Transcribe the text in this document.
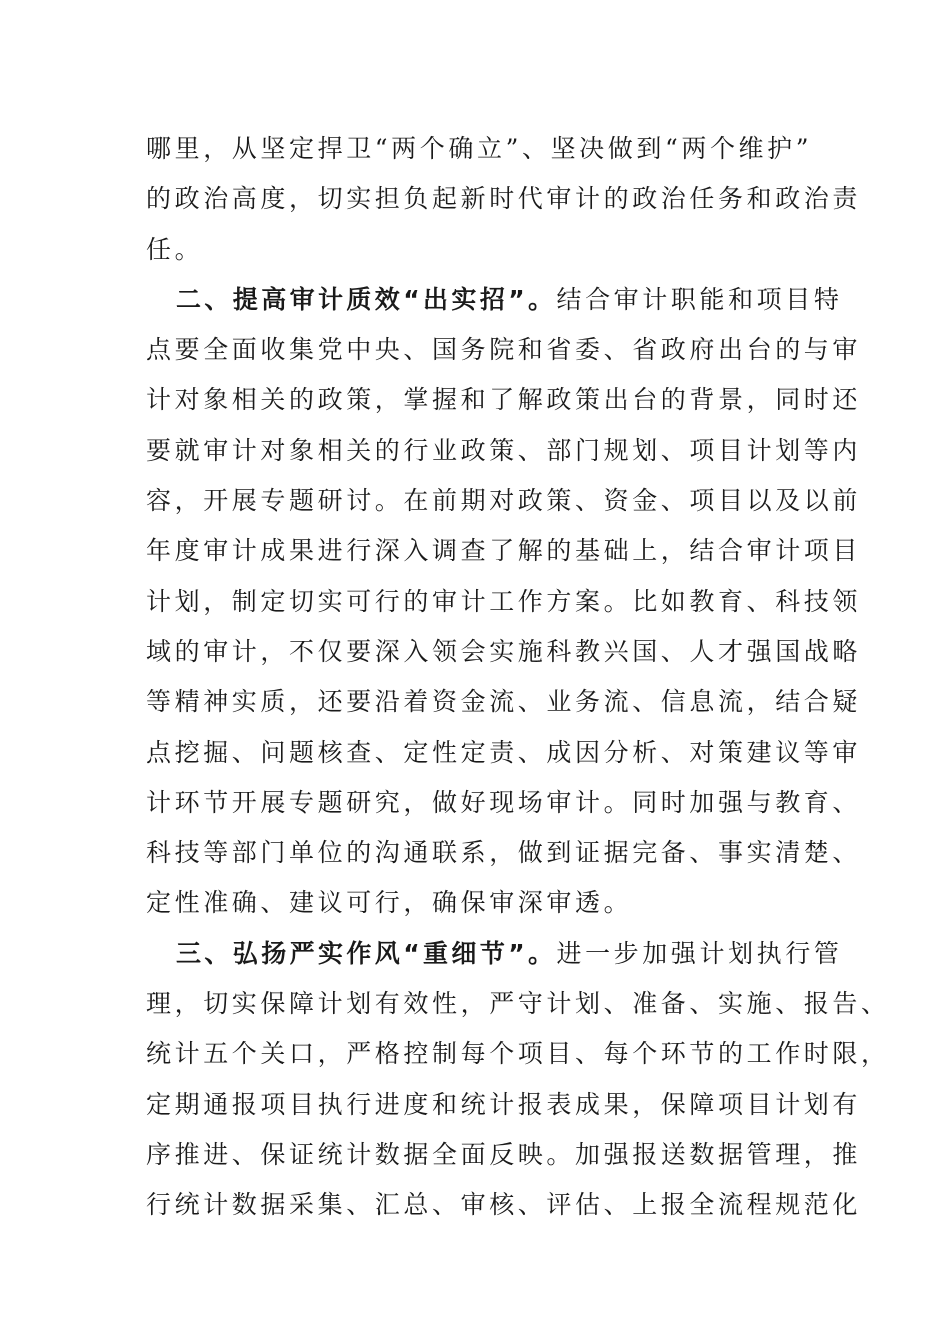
哪里，从坚定捍卫“两个确立”、坚决做到“两个维护”
的政治高度，切实担负起新时代审计的政治任务和政治责
任。
二、提高审计质效“出实招”。结合审计职能和项目特
点要全面收集党中央、国务院和省委、省政府出台的与审
计对象相关的政策，掌握和了解政策出台的背景，同时还
要就审计对象相关的行业政策、部门规划、项目计划等内
容，开展专题研讨。在前期对政策、资金、项目以及以前
年度审计成果进行深入调查了解的基础上，结合审计项目
计划，制定切实可行的审计工作方案。比如教育、科技领
域的审计，不仅要深入领会实施科教兴国、人才强国战略
等精神实质，还要沿着资金流、业务流、信息流，结合疑
点挖掘、问题核查、定性定责、成因分析、对策建议等审
计环节开展专题研究，做好现场审计。同时加强与教育、
科技等部门单位的沟通联系，做到证据完备、事实清楚、
定性准确、建议可行，确保审深审透。
三、弘扬严实作风“重细节”。进一步加强计划执行管
理，切实保障计划有效性，严守计划、准备、实施、报告、
统计五个关口，严格控制每个项目、每个环节的工作时限，
定期通报项目执行进度和统计报表成果，保障项目计划有
序推进、保证统计数据全面反映。加强报送数据管理，推
行统计数据采集、汇总、审核、评估、上报全流程规范化
